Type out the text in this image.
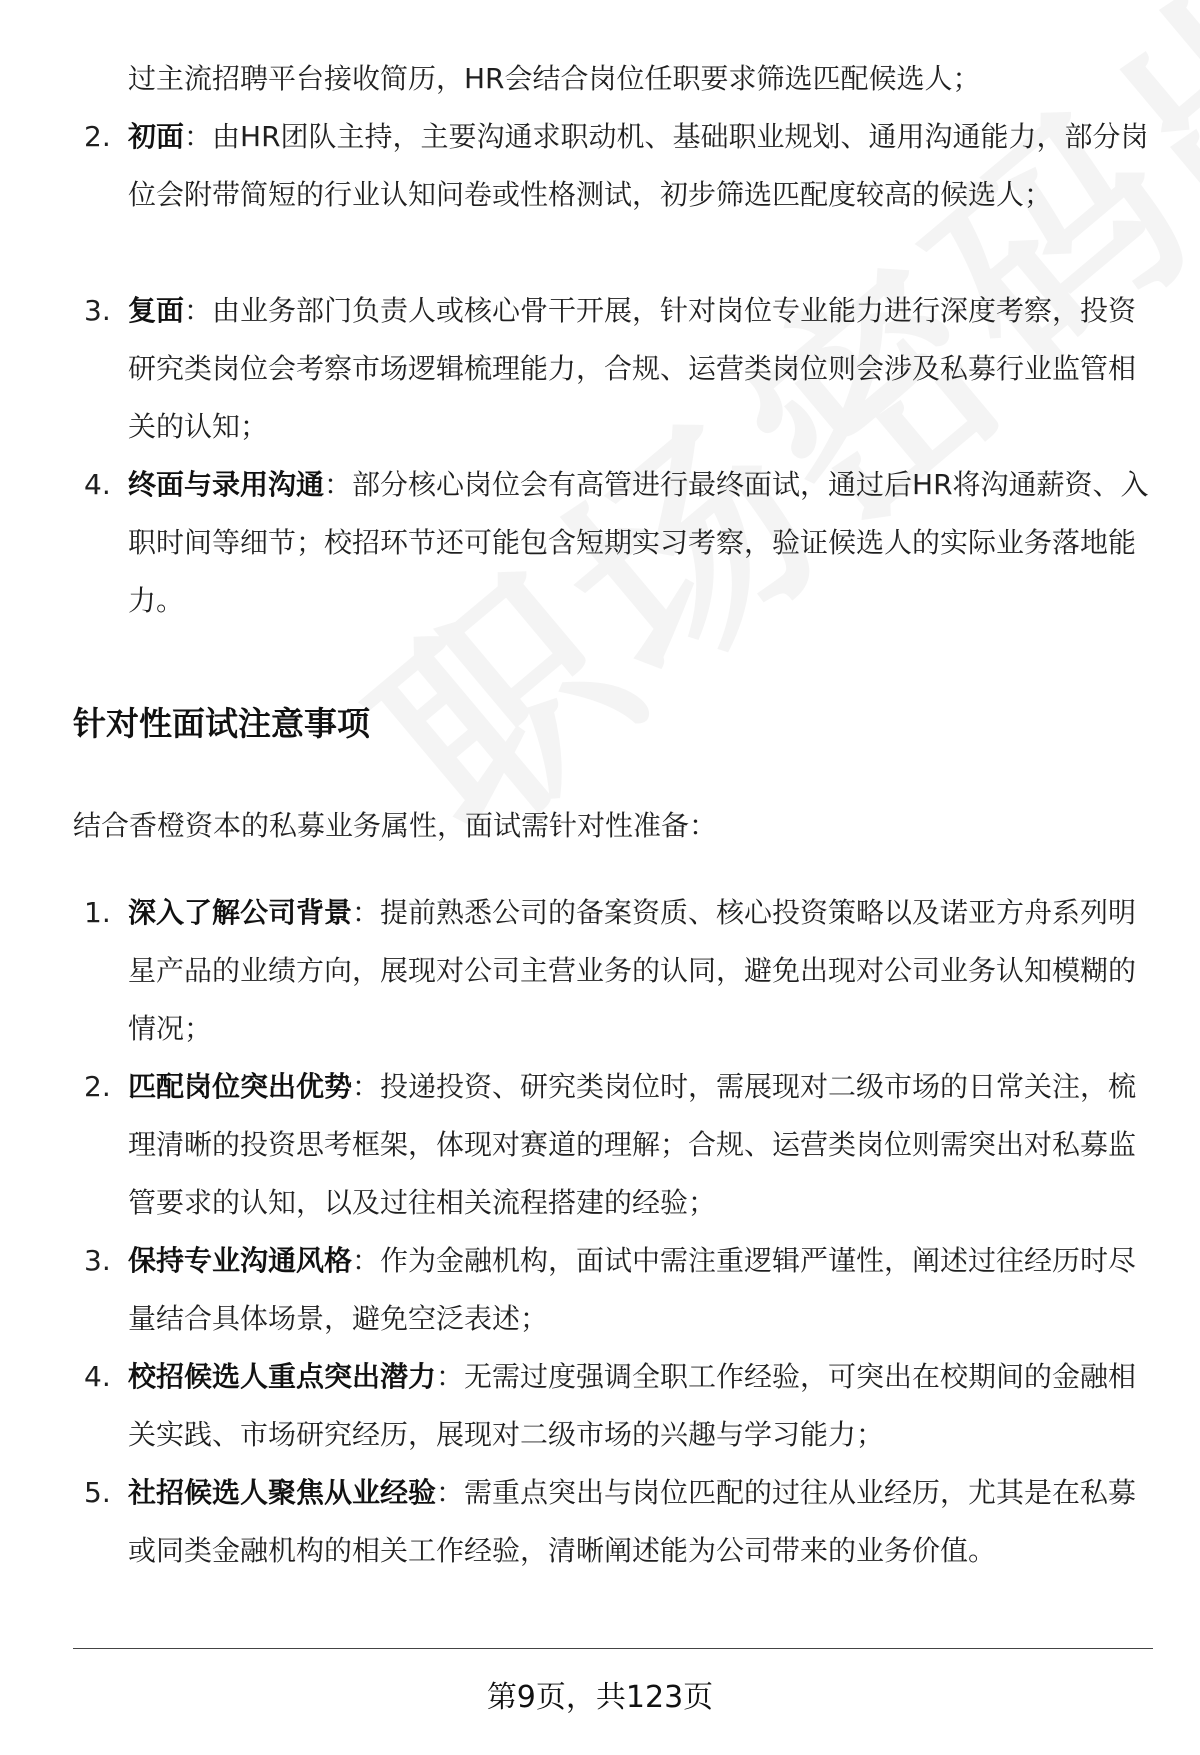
过主流招聘平台接收简历，HR会结合岗位任职要求筛选匹配候选人；
2. 初面：由HR团队主持，主要沟通求职动机、基础职业规划、通用沟通能力，部分岗位会附带简短的行业认知问卷或性格测试，初步筛选匹配度较高的候选人；
3. 复面：由业务部门负责人或核心骨干开展，针对岗位专业能力进行深度考察，投资研究类岗位会考察市场逻辑梳理能力，合规、运营类岗位则会涉及私募行业监管相关的认知；
4. 终面与录用沟通：部分核心岗位会有高管进行最终面试，通过后HR将沟通薪资、入职时间等细节；校招环节还可能包含短期实习考察，验证候选人的实际业务落地能力。
针对性面试注意事项
结合香橙资本的私募业务属性，面试需针对性准备：
1. 深入了解公司背景：提前熟悉公司的备案资质、核心投资策略以及诺亚方舟系列明星产品的业绩方向，展现对公司主营业务的认同，避免出现对公司业务认知模糊的情况；
2. 匹配岗位突出优势：投递投资、研究类岗位时，需展现对二级市场的日常关注，梳理清晰的投资思考框架，体现对赛道的理解；合规、运营类岗位则需突出对私募监管要求的认知，以及过往相关流程搭建的经验；
3. 保持专业沟通风格：作为金融机构，面试中需注重逻辑严谨性，阐述过往经历时尽量结合具体场景，避免空泛表述；
4. 校招候选人重点突出潜力：无需过度强调全职工作经验，可突出在校期间的金融相关实践、市场研究经历，展现对二级市场的兴趣与学习能力；
5. 社招候选人聚焦从业经验：需重点突出与岗位匹配的过往从业经历，尤其是在私募或同类金融机构的相关工作经验，清晰阐述能为公司带来的业务价值。
第9页，共123页
